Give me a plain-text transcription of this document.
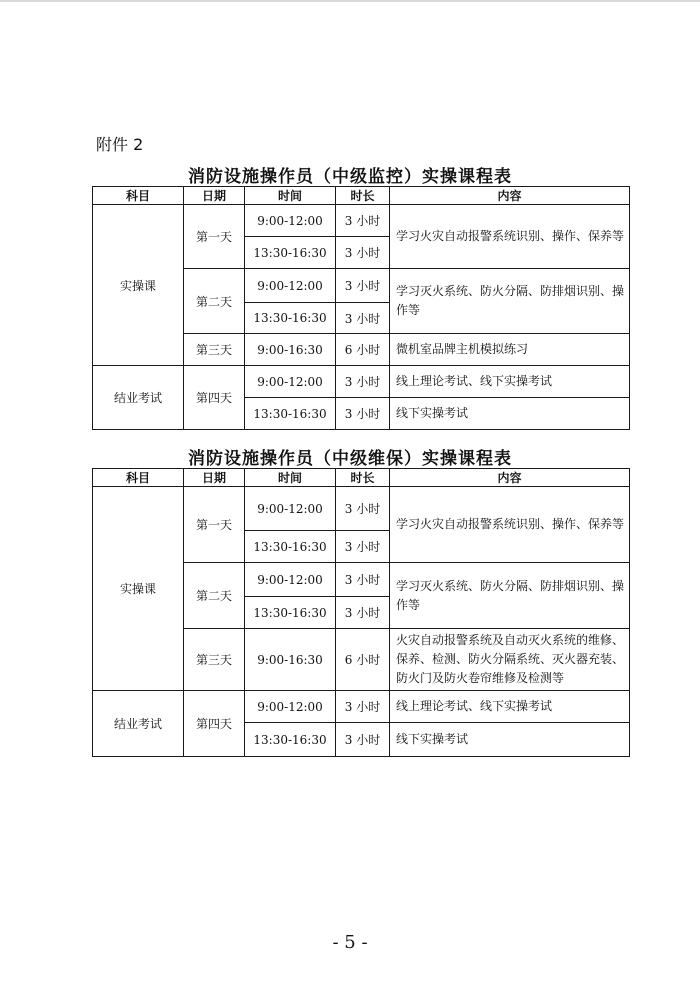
附件 2
消防设施操作员（中级监控）实操课程表
科目	日期	时间	时长	内容
实操课	第一天	9:00-12:00	3 小时	学习火灾自动报警系统识别、操作、保养等
		13:30-16:30	3 小时	
	第二天	9:00-12:00	3 小时	学习灭火系统、防火分隔、防排烟识别、操作等
		13:30-16:30	3 小时	
	第三天	9:00-16:30	6 小时	微机室品牌主机模拟练习
结业考试	第四天	9:00-12:00	3 小时	线上理论考试、线下实操考试
		13:30-16:30	3 小时	线下实操考试
消防设施操作员（中级维保）实操课程表
科目	日期	时间	时长	内容
实操课	第一天	9:00-12:00	3 小时	学习火灾自动报警系统识别、操作、保养等
		13:30-16:30	3 小时	
	第二天	9:00-12:00	3 小时	学习灭火系统、防火分隔、防排烟识别、操作等
		13:30-16:30	3 小时	
	第三天	9:00-16:30	6 小时	火灾自动报警系统及自动灭火系统的维修、保养、检测、防火分隔系统、灭火器充装、防火门及防火卷帘维修及检测等
结业考试	第四天	9:00-12:00	3 小时	线上理论考试、线下实操考试
		13:30-16:30	3 小时	线下实操考试
- 5 -
